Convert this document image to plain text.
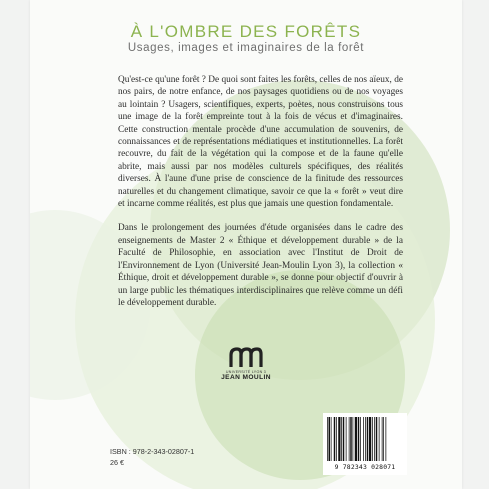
À L'OMBRE DES FORÊTS
Usages, images et imaginaires de la forêt

Qu'est-ce qu'une forêt ? De quoi sont faites les forêts, celles de nos aïeux, de nos pairs, de notre enfance, de nos paysages quotidiens ou de nos voyages au lointain ? Usagers, scientifiques, experts, poètes, nous construisons tous une image de la forêt empreinte tout à la fois de vécus et d'imaginaires. Cette construction mentale procède d'une accumulation de souvenirs, de connaissances et de représentations médiatiques et institutionnelles. La forêt recouvre, du fait de la végétation qui la compose et de la faune qu'elle abrite, mais aussi par nos modèles culturels spécifiques, des réalités diverses. À l'aune d'une prise de conscience de la finitude des ressources naturelles et du changement climatique, savoir ce que la « forêt » veut dire et incarne comme réalités, est plus que jamais une question fondamentale.

Dans le prolongement des journées d'étude organisées dans le cadre des enseignements de Master 2 « Éthique et développement durable » de la Faculté de Philosophie, en association avec l'Institut de Droit de l'Environnement de Lyon (Université Jean-Moulin Lyon 3), la collection « Éthique, droit et développement durable », se donne pour objectif d'ouvrir à un large public les thématiques interdisciplinaires que relève comme un défi le développement durable.

UNIVERSITÉ LYON 3
JEAN MOULIN
ISBN : 978-2-343-02807-1
26 €	9 782343 028071
